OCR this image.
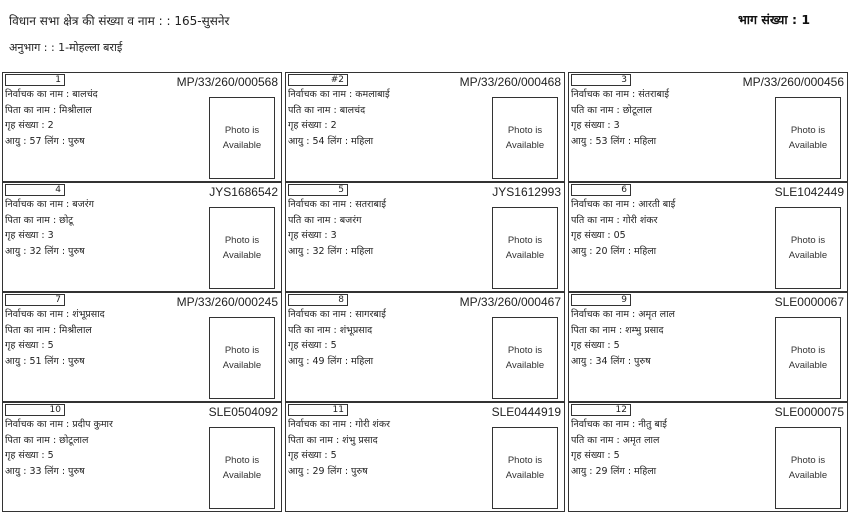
विधान सभा क्षेत्र की संख्या व नाम : : 165-सुसनेर	भाग संख्या : 1
अनुभाग : : 1-मोहल्ला बराई
1	MP/33/260/000568
निर्वाचक का नाम : बालचंद
पिता का नाम : मिश्रीलाल
गृह संख्या : 2
आयु : 57 लिंग : पुरुष
Photo is
Available
#2	MP/33/260/000468
निर्वाचक का नाम : कमलाबाई
पति का नाम : बालचंद
गृह संख्या : 2
आयु : 54 लिंग : महिला
Photo is
Available
3	MP/33/260/000456
निर्वाचक का नाम : संतराबाई
पति का नाम : छोटूलाल
गृह संख्या : 3
आयु : 53 लिंग : महिला
Photo is
Available
4	JYS1686542
निर्वाचक का नाम : बजरंग
पिता का नाम : छोटू
गृह संख्या : 3
आयु : 32 लिंग : पुरुष
Photo is
Available
5	JYS1612993
निर्वाचक का नाम : सतराबाई
पति का नाम : बजरंग
गृह संख्या : 3
आयु : 32 लिंग : महिला
Photo is
Available
6	SLE1042449
निर्वाचक का नाम : आरती बाई
पति का नाम : गोरी शंकर
गृह संख्या : 05
आयु : 20 लिंग : महिला
Photo is
Available
7	MP/33/260/000245
निर्वाचक का नाम : शंभूप्रसाद
पिता का नाम : मिश्रीलाल
गृह संख्या : 5
आयु : 51 लिंग : पुरुष
Photo is
Available
8	MP/33/260/000467
निर्वाचक का नाम : सागरबाई
पति का नाम : शंभूप्रसाद
गृह संख्या : 5
आयु : 49 लिंग : महिला
Photo is
Available
9	SLE0000067
निर्वाचक का नाम : अमृत लाल
पिता का नाम : शम्भु प्रसाद
गृह संख्या : 5
आयु : 34 लिंग : पुरुष
Photo is
Available
10	SLE0504092
निर्वाचक का नाम : प्रदीप कुमार
पिता का नाम : छोटूलाल
गृह संख्या : 5
आयु : 33 लिंग : पुरुष
Photo is
Available
11	SLE0444919
निर्वाचक का नाम : गोरी शंकर
पिता का नाम : शंभु प्रसाद
गृह संख्या : 5
आयु : 29 लिंग : पुरुष
Photo is
Available
12	SLE0000075
निर्वाचक का नाम : नीतु बाई
पति का नाम : अमृत लाल
गृह संख्या : 5
आयु : 29 लिंग : महिला
Photo is
Available
